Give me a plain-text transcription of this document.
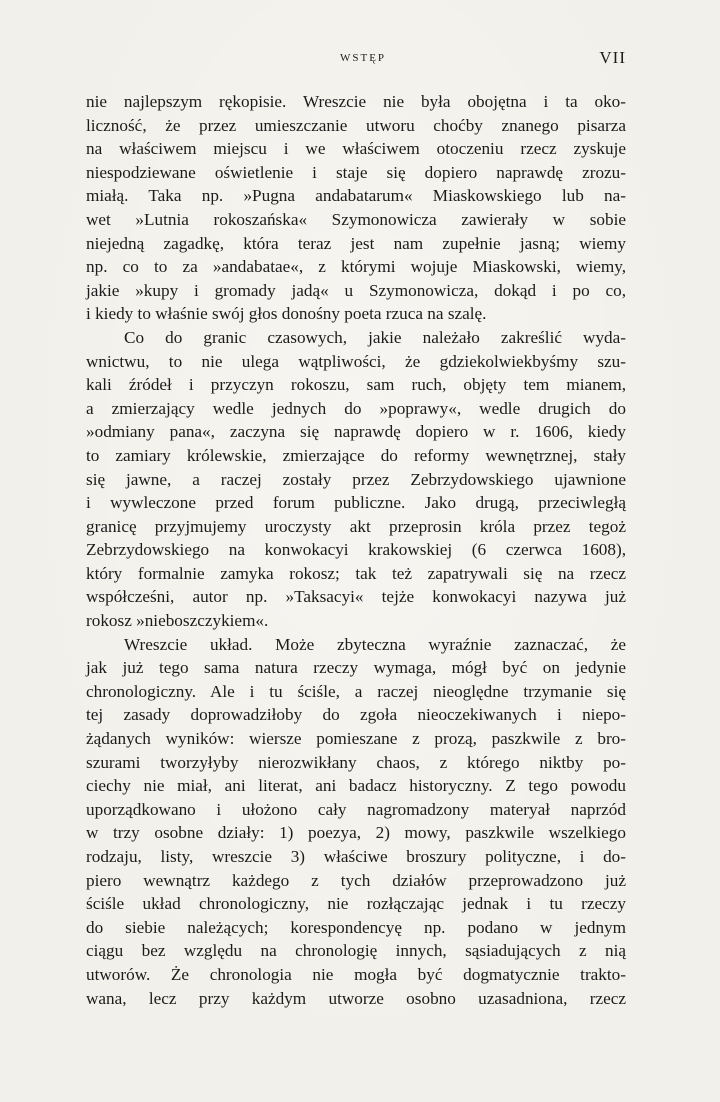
WSTĘP	VII
nie najlepszym rękopisie. Wreszcie nie była obojętna i ta oko-
liczność, że przez umieszczanie utworu choćby znanego pisarza
na właściwem miejscu i we właściwem otoczeniu rzecz zyskuje
niespodziewane oświetlenie i staje się dopiero naprawdę zrozu-
miałą. Taka np. »Pugna andabatarum« Miaskowskiego lub na-
wet »Lutnia rokoszańska« Szymonowicza zawierały w sobie
niejedną zagadkę, która teraz jest nam zupełnie jasną; wiemy
np. co to za »andabatae«, z którymi wojuje Miaskowski, wiemy,
jakie »kupy i gromady jadą« u Szymonowicza, dokąd i po co,
i kiedy to właśnie swój głos donośny poeta rzuca na szalę.
Co do granic czasowych, jakie należało zakreślić wyda-
wnictwu, to nie ulega wątpliwości, że gdziekolwiekbyśmy szu-
kali źródeł i przyczyn rokoszu, sam ruch, objęty tem mianem,
a zmierzający wedle jednych do »poprawy«, wedle drugich do
»odmiany pana«, zaczyna się naprawdę dopiero w r. 1606, kiedy
to zamiary królewskie, zmierzające do reformy wewnętrznej, stały
się jawne, a raczej zostały przez Zebrzydowskiego ujawnione
i wywleczone przed forum publiczne. Jako drugą, przeciwległą
granicę przyjmujemy uroczysty akt przeprosin króla przez tegoż
Zebrzydowskiego na konwokacyi krakowskiej (6 czerwca 1608),
który formalnie zamyka rokosz; tak też zapatrywali się na rzecz
współcześni, autor np. »Taksacyi« tejże konwokacyi nazywa już
rokosz »nieboszczykiem«.
Wreszcie układ. Może zbyteczna wyraźnie zaznaczać, że
jak już tego sama natura rzeczy wymaga, mógł być on jedynie
chronologiczny. Ale i tu ściśle, a raczej nieoględne trzymanie się
tej zasady doprowadziłoby do zgoła nieoczekiwanych i niepo-
żądanych wyników: wiersze pomieszane z prozą, paszkwile z bro-
szurami tworzyłyby nierozwikłany chaos, z którego niktby po-
ciechy nie miał, ani literat, ani badacz historyczny. Z tego powodu
uporządkowano i ułożono cały nagromadzony materyał naprzód
w trzy osobne działy: 1) poezya, 2) mowy, paszkwile wszelkiego
rodzaju, listy, wreszcie 3) właściwe broszury polityczne, i do-
piero wewnątrz każdego z tych działów przeprowadzono już
ściśle układ chronologiczny, nie rozłączając jednak i tu rzeczy
do siebie należących; korespondencyę np. podano w jednym
ciągu bez względu na chronologię innych, sąsiadujących z nią
utworów. Że chronologia nie mogła być dogmatycznie trakto-
wana, lecz przy każdym utworze osobno uzasadniona, rzecz
